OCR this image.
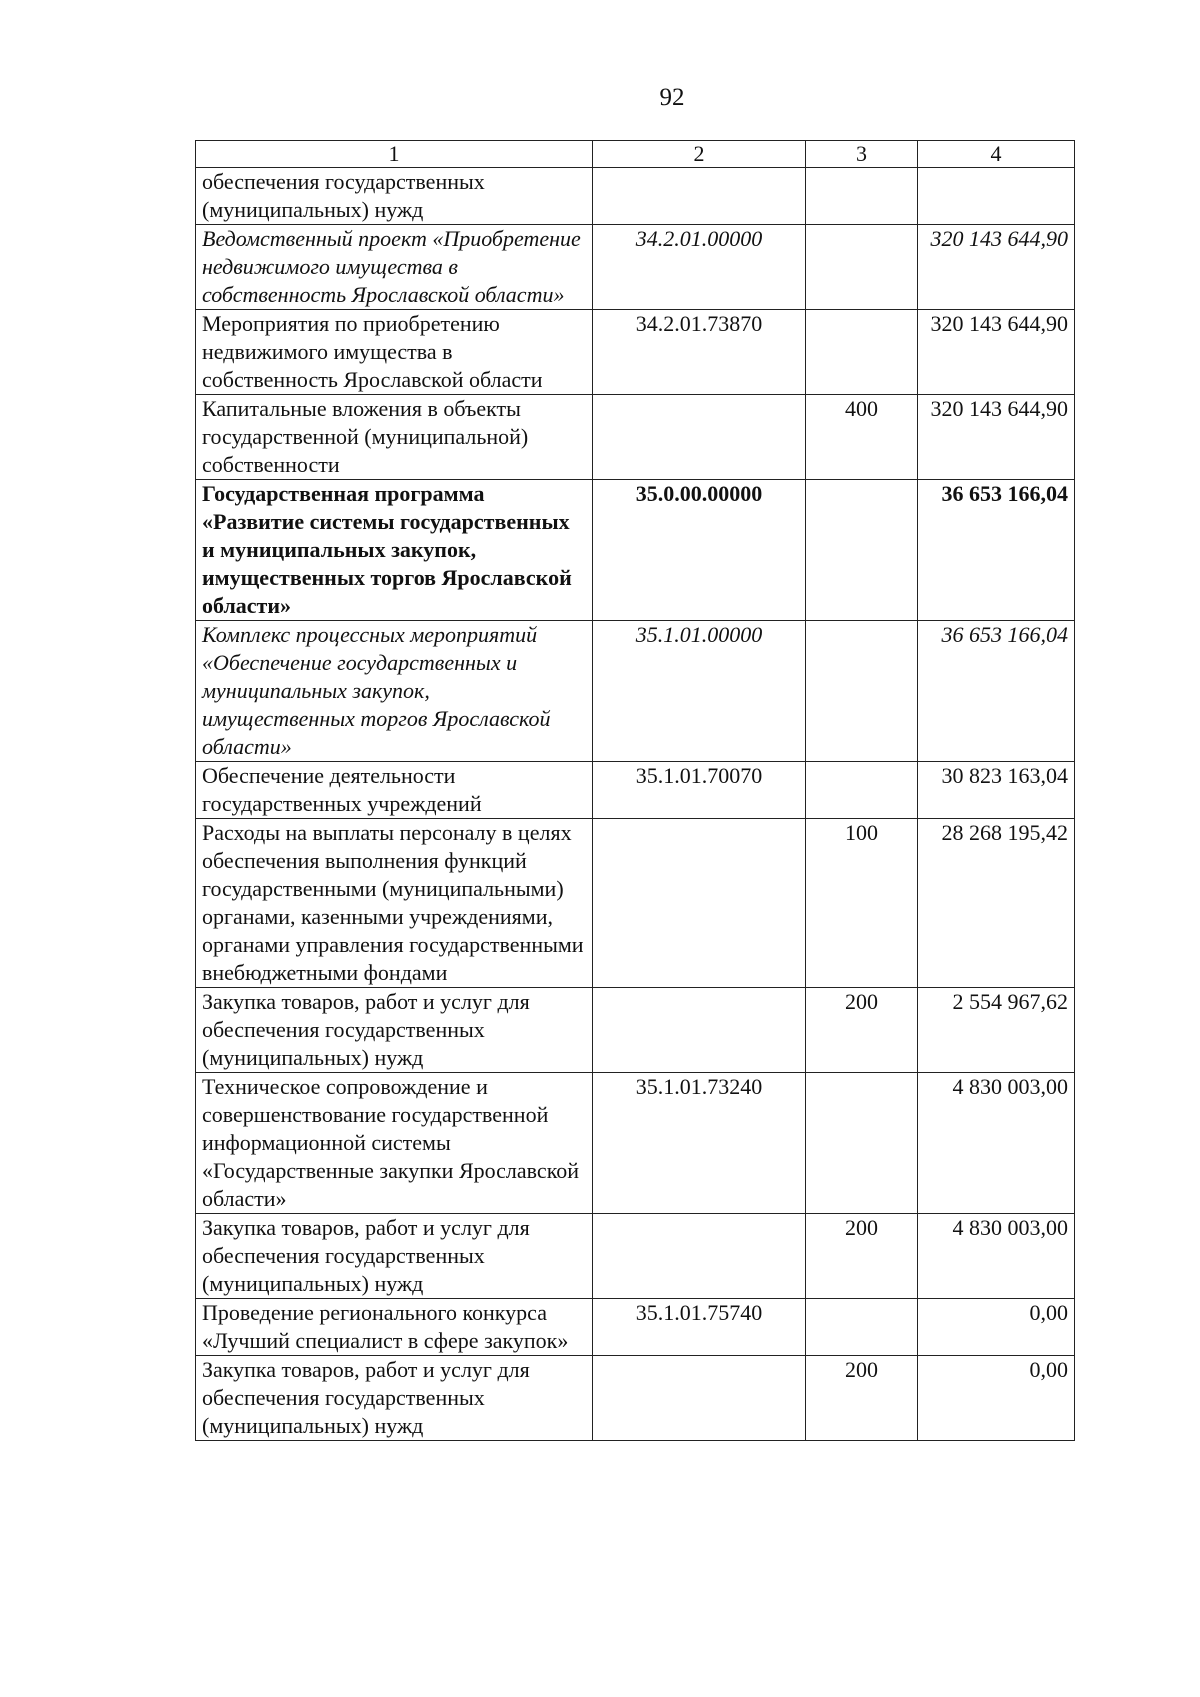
92
1	2	3	4
обеспечения государственных (муниципальных) нужд			
Ведомственный проект «Приобретение недвижимого имущества в собственность Ярославской области»	34.2.01.00000		320 143 644,90
Мероприятия по приобретению недвижимого имущества в собственность Ярославской области	34.2.01.73870		320 143 644,90
Капитальные вложения в объекты государственной (муниципальной) собственности		400	320 143 644,90
Государственная программа «Развитие системы государственных и муниципальных закупок, имущественных торгов Ярославской области»	35.0.00.00000		36 653 166,04
Комплекс процессных мероприятий «Обеспечение государственных и муниципальных закупок, имущественных торгов Ярославской области»	35.1.01.00000		36 653 166,04
Обеспечение деятельности государственных учреждений	35.1.01.70070		30 823 163,04
Расходы на выплаты персоналу в целях обеспечения выполнения функций государственными (муниципальными) органами, казенными учреждениями, органами управления государственными внебюджетными фондами		100	28 268 195,42
Закупка товаров, работ и услуг для обеспечения государственных (муниципальных) нужд		200	2 554 967,62
Техническое сопровождение и совершенствование государственной информационной системы «Государственные закупки Ярославской области»	35.1.01.73240		4 830 003,00
Закупка товаров, работ и услуг для обеспечения государственных (муниципальных) нужд		200	4 830 003,00
Проведение регионального конкурса «Лучший специалист в сфере закупок»	35.1.01.75740		0,00
Закупка товаров, работ и услуг для обеспечения государственных (муниципальных) нужд		200	0,00
